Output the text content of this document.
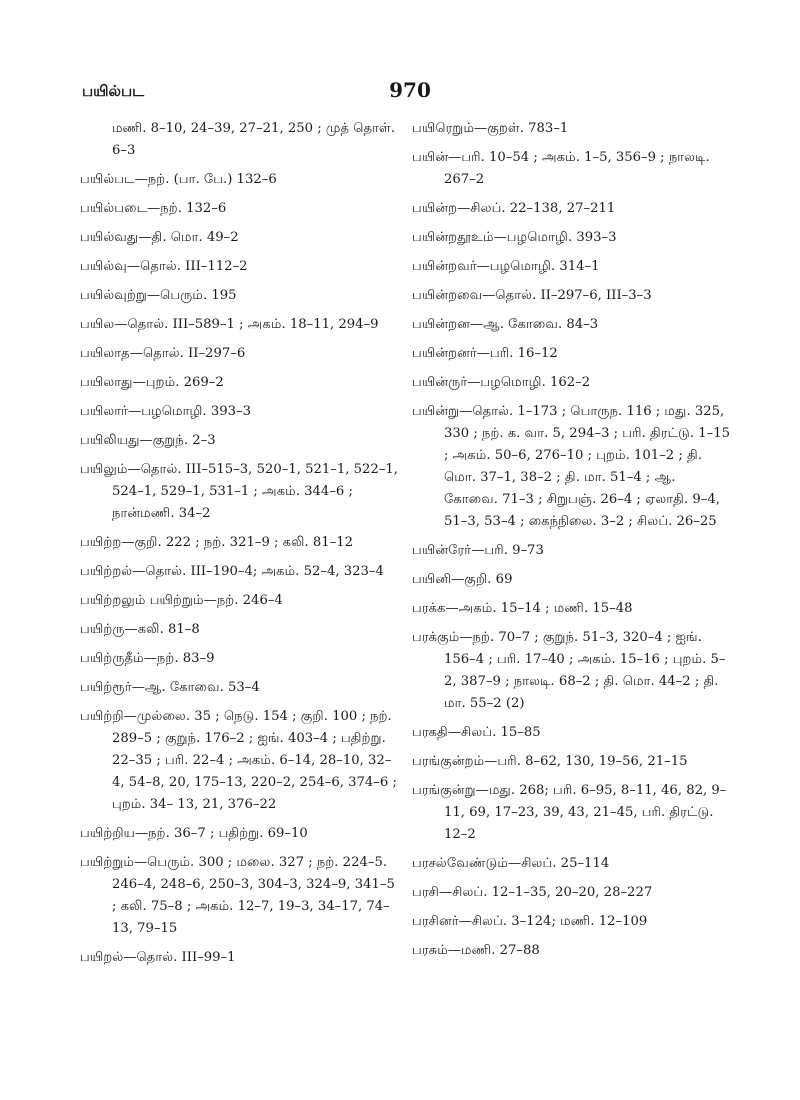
பயில்பட	970

மணி. 8–10, 24–39, 27–21, 250 ; முத் தொள். 6–3

பயில்பட—நற். (பா. பே.) 132–6

பயில்படை—நற். 132–6

பயில்வது—தி. மொ. 49–2

பயில்வு—தொல். III–112–2

பயில்வுற்று—பெரும். 195

பயில—தொல். III–589–1 ; அகம். 18–11, 294–9

பயிலாத—தொல். II–297–6

பயிலாது—புறம். 269–2

பயிலார்—பழமொழி. 393–3

பயிலியது—குறுந். 2–3

பயிலும்—தொல். III–515–3, 520–1, 521–1, 522–1, 524–1, 529–1, 531–1 ; அகம். 344–6 ; நான்மணி. 34–2

பயிற்ற—குறி. 222 ; நற். 321–9 ; கலி. 81–12

பயிற்றல்—தொல். III–190–4; அகம். 52–4, 323–4

பயிற்றலும் பயிற்றும்—நற். 246–4

பயிற்ரு—கலி. 81–8

பயிற்ருதீம்—நற். 83–9

பயிற்ரூர்—ஆ. கோவை. 53–4

பயிற்றி—முல்லை. 35 ; நெடு. 154 ; குறி. 100 ; நற். 289–5 ; குறுந். 176–2 ; ஐங். 403–4 ; பதிற்று. 22–35 ; பரி. 22–4 ; அகம். 6–14, 28–10, 32–4, 54–8, 20, 175–13, 220–2, 254–6, 374–6 ; புறம். 34– 13, 21, 376–22

பயிற்றிய—நற். 36–7 ; பதிற்று. 69–10

பயிற்றும்—பெரும். 300 ; மலை. 327 ; நற். 224–5. 246–4, 248–6, 250–3, 304–3, 324–9, 341–5 ; கலி. 75–8 ; அகம். 12–7, 19–3, 34–17, 74–13, 79–15

பயிறல்—தொல். III–99–1

பயிரெறும்—குறள். 783–1

பயின்—பரி. 10–54 ; அகம். 1–5, 356–9 ; நாலடி. 267–2

பயின்ற—சிலப். 22–138, 27–211

பயின்றதூஉம்—பழமொழி. 393–3

பயின்றவர்—பழமொழி. 314–1

பயின்றவை—தொல். II–297–6, III–3–3

பயின்றன—ஆ. கோவை. 84–3

பயின்றனர்—பரி. 16–12

பயின்ருர்—பழமொழி. 162–2

பயின்று—தொல். 1–173 ; பொருந. 116 ; மது. 325, 330 ; நற். க. வா. 5, 294–3 ; பரி. திரட்டு. 1–15 ; அகம். 50–6, 276–10 ; புறம். 101–2 ; தி. மொ. 37–1, 38–2 ; தி. மா. 51–4 ; ஆ. கோவை. 71–3 ; சிறுபஞ். 26–4 ; ஏலாதி. 9–4, 51–3, 53–4 ; கைந்நிலை. 3–2 ; சிலப். 26–25

பயின்ரேர்—பரி. 9–73

பயினி—குறி. 69

பரக்க—அகம். 15–14 ; மணி. 15–48

பரக்கும்—நற். 70–7 ; குறுந். 51–3, 320–4 ; ஐங். 156–4 ; பரி. 17–40 ; அகம். 15–16 ; புறம். 5–2, 387–9 ; நாலடி. 68–2 ; தி. மொ. 44–2 ; தி. மா. 55–2 (2)

பரகதி—சிலப். 15–85

பரங்குன்றம்—பரி. 8–62, 130, 19–56, 21–15

பரங்குன்று—மது. 268; பரி. 6–95, 8–11, 46, 82, 9–11, 69, 17–23, 39, 43, 21–45, பரி. திரட்டு. 12–2

பரசல்வேண்டும்—சிலப். 25–114

பரசி—சிலப். 12–1–35, 20–20, 28–227

பரசினர்—சிலப். 3–124; மணி. 12–109

பரசும்—மணி. 27–88
